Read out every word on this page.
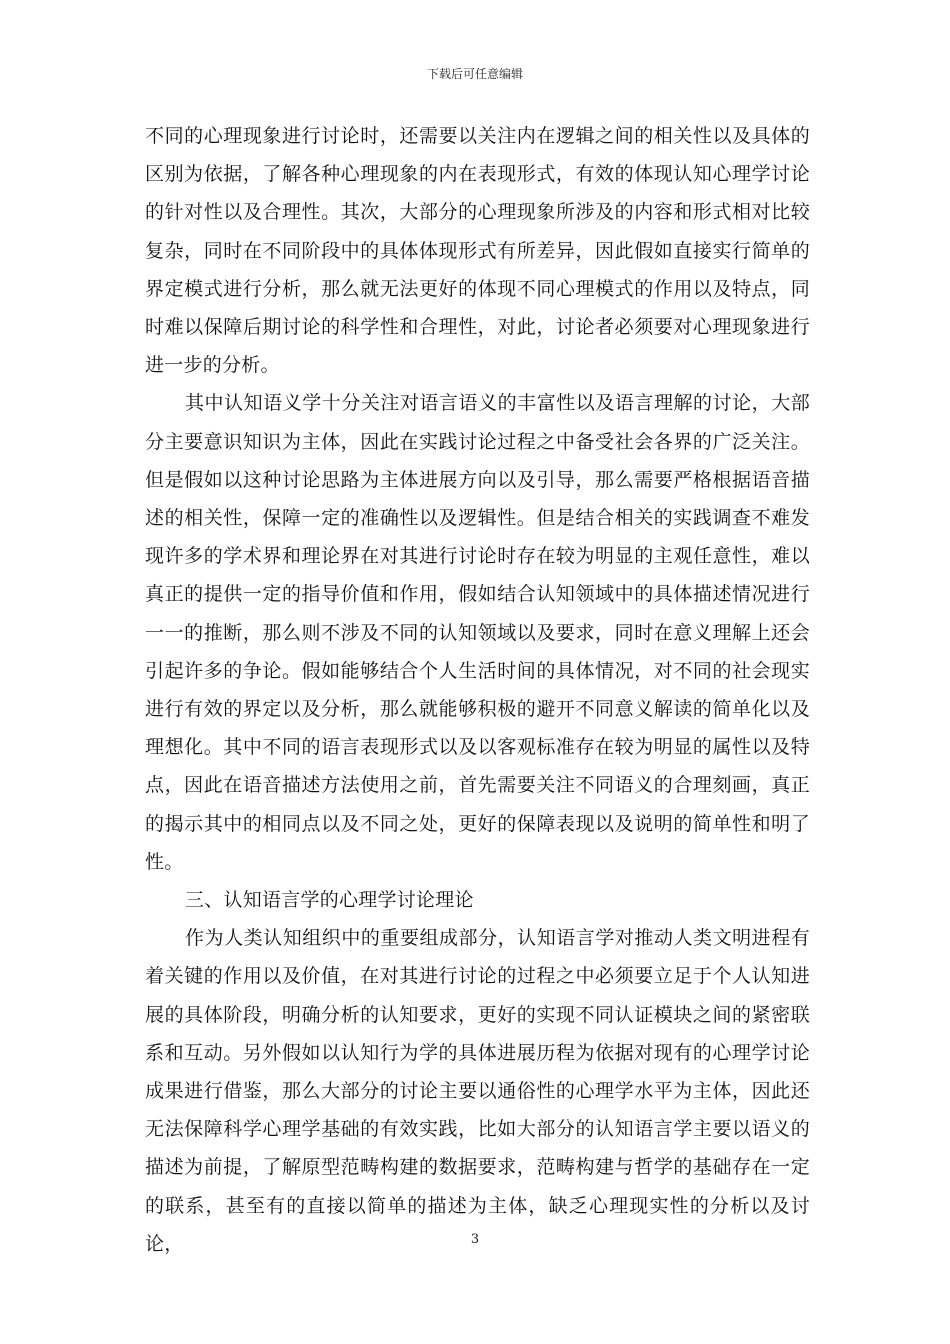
下载后可任意编辑

不同的心理现象进行讨论时，还需要以关注内在逻辑之间的相关性以及具体的区别为依据，了解各种心理现象的内在表现形式，有效的体现认知心理学讨论的针对性以及合理性。其次，大部分的心理现象所涉及的内容和形式相对比较复杂，同时在不同阶段中的具体体现形式有所差异，因此假如直接实行简单的界定模式进行分析，那么就无法更好的体现不同心理模式的作用以及特点，同时难以保障后期讨论的科学性和合理性，对此，讨论者必须要对心理现象进行进一步的分析。

其中认知语义学十分关注对语言语义的丰富性以及语言理解的讨论，大部分主要意识知识为主体，因此在实践讨论过程之中备受社会各界的广泛关注。但是假如以这种讨论思路为主体进展方向以及引导，那么需要严格根据语音描述的相关性，保障一定的准确性以及逻辑性。但是结合相关的实践调查不难发现许多的学术界和理论界在对其进行讨论时存在较为明显的主观任意性，难以真正的提供一定的指导价值和作用，假如结合认知领域中的具体描述情况进行一一的推断，那么则不涉及不同的认知领域以及要求，同时在意义理解上还会引起许多的争论。假如能够结合个人生活时间的具体情况，对不同的社会现实进行有效的界定以及分析，那么就能够积极的避开不同意义解读的简单化以及理想化。其中不同的语言表现形式以及以客观标准存在较为明显的属性以及特点，因此在语音描述方法使用之前，首先需要关注不同语义的合理刻画，真正的揭示其中的相同点以及不同之处，更好的保障表现以及说明的简单性和明了性。

三、认知语言学的心理学讨论理论

作为人类认知组织中的重要组成部分，认知语言学对推动人类文明进程有着关键的作用以及价值，在对其进行讨论的过程之中必须要立足于个人认知进展的具体阶段，明确分析的认知要求，更好的实现不同认证模块之间的紧密联系和互动。另外假如以认知行为学的具体进展历程为依据对现有的心理学讨论成果进行借鉴，那么大部分的讨论主要以通俗性的心理学水平为主体，因此还无法保障科学心理学基础的有效实践，比如大部分的认知语言学主要以语义的描述为前提，了解原型范畴构建的数据要求，范畴构建与哲学的基础存在一定的联系，甚至有的直接以简单的描述为主体，缺乏心理现实性的分析以及讨论，	3
